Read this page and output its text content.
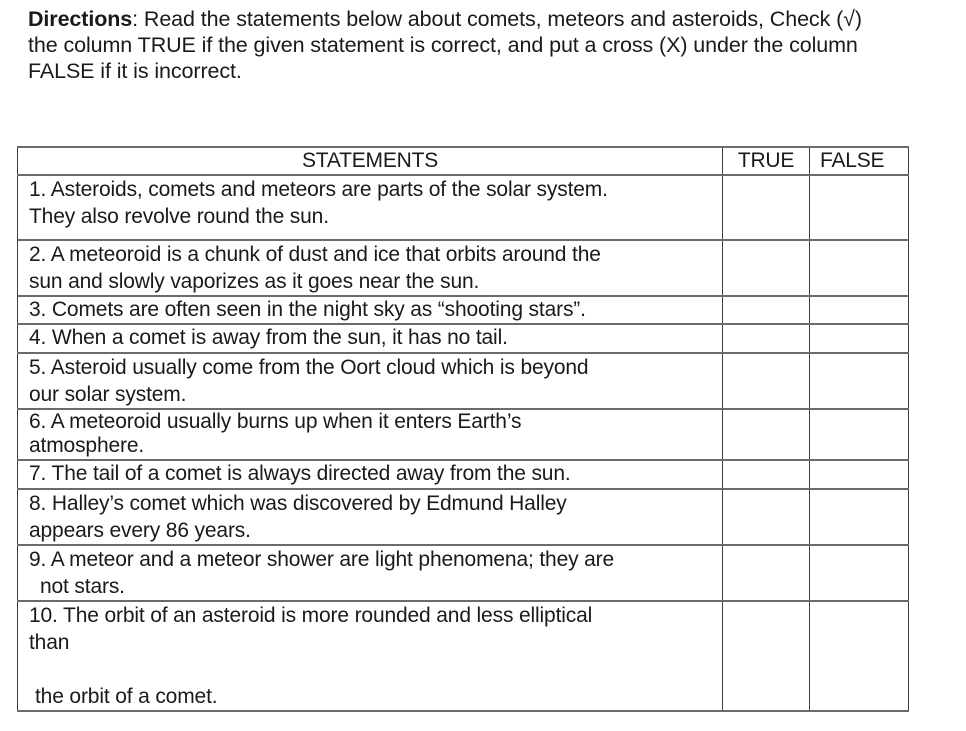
Directions: Read the statements below about comets, meteors and asteroids, Check (√)
the column TRUE if the given statement is correct, and put a cross (X) under the column
FALSE if it is incorrect.
STATEMENTS	TRUE	FALSE

1. Asteroids, comets and meteors are parts of the solar system.
They also revolve round the sun.		

2. A meteoroid is a chunk of dust and ice that orbits around the
sun and slowly vaporizes as it goes near the sun.		

3. Comets are often seen in the night sky as “shooting stars”.		

4. When a comet is away from the sun, it has no tail.		

5. Asteroid usually come from the Oort cloud which is beyond
our solar system.		

6. A meteoroid usually burns up when it enters Earth’s
atmosphere.		

7. The tail of a comet is always directed away from the sun.		

8. Halley’s comet which was discovered by Edmund Halley
appears every 86 years.		

9. A meteor and a meteor shower are light phenomena; they are
not stars.		

10. The orbit of an asteroid is more rounded and less elliptical
than
the orbit of a comet.		
